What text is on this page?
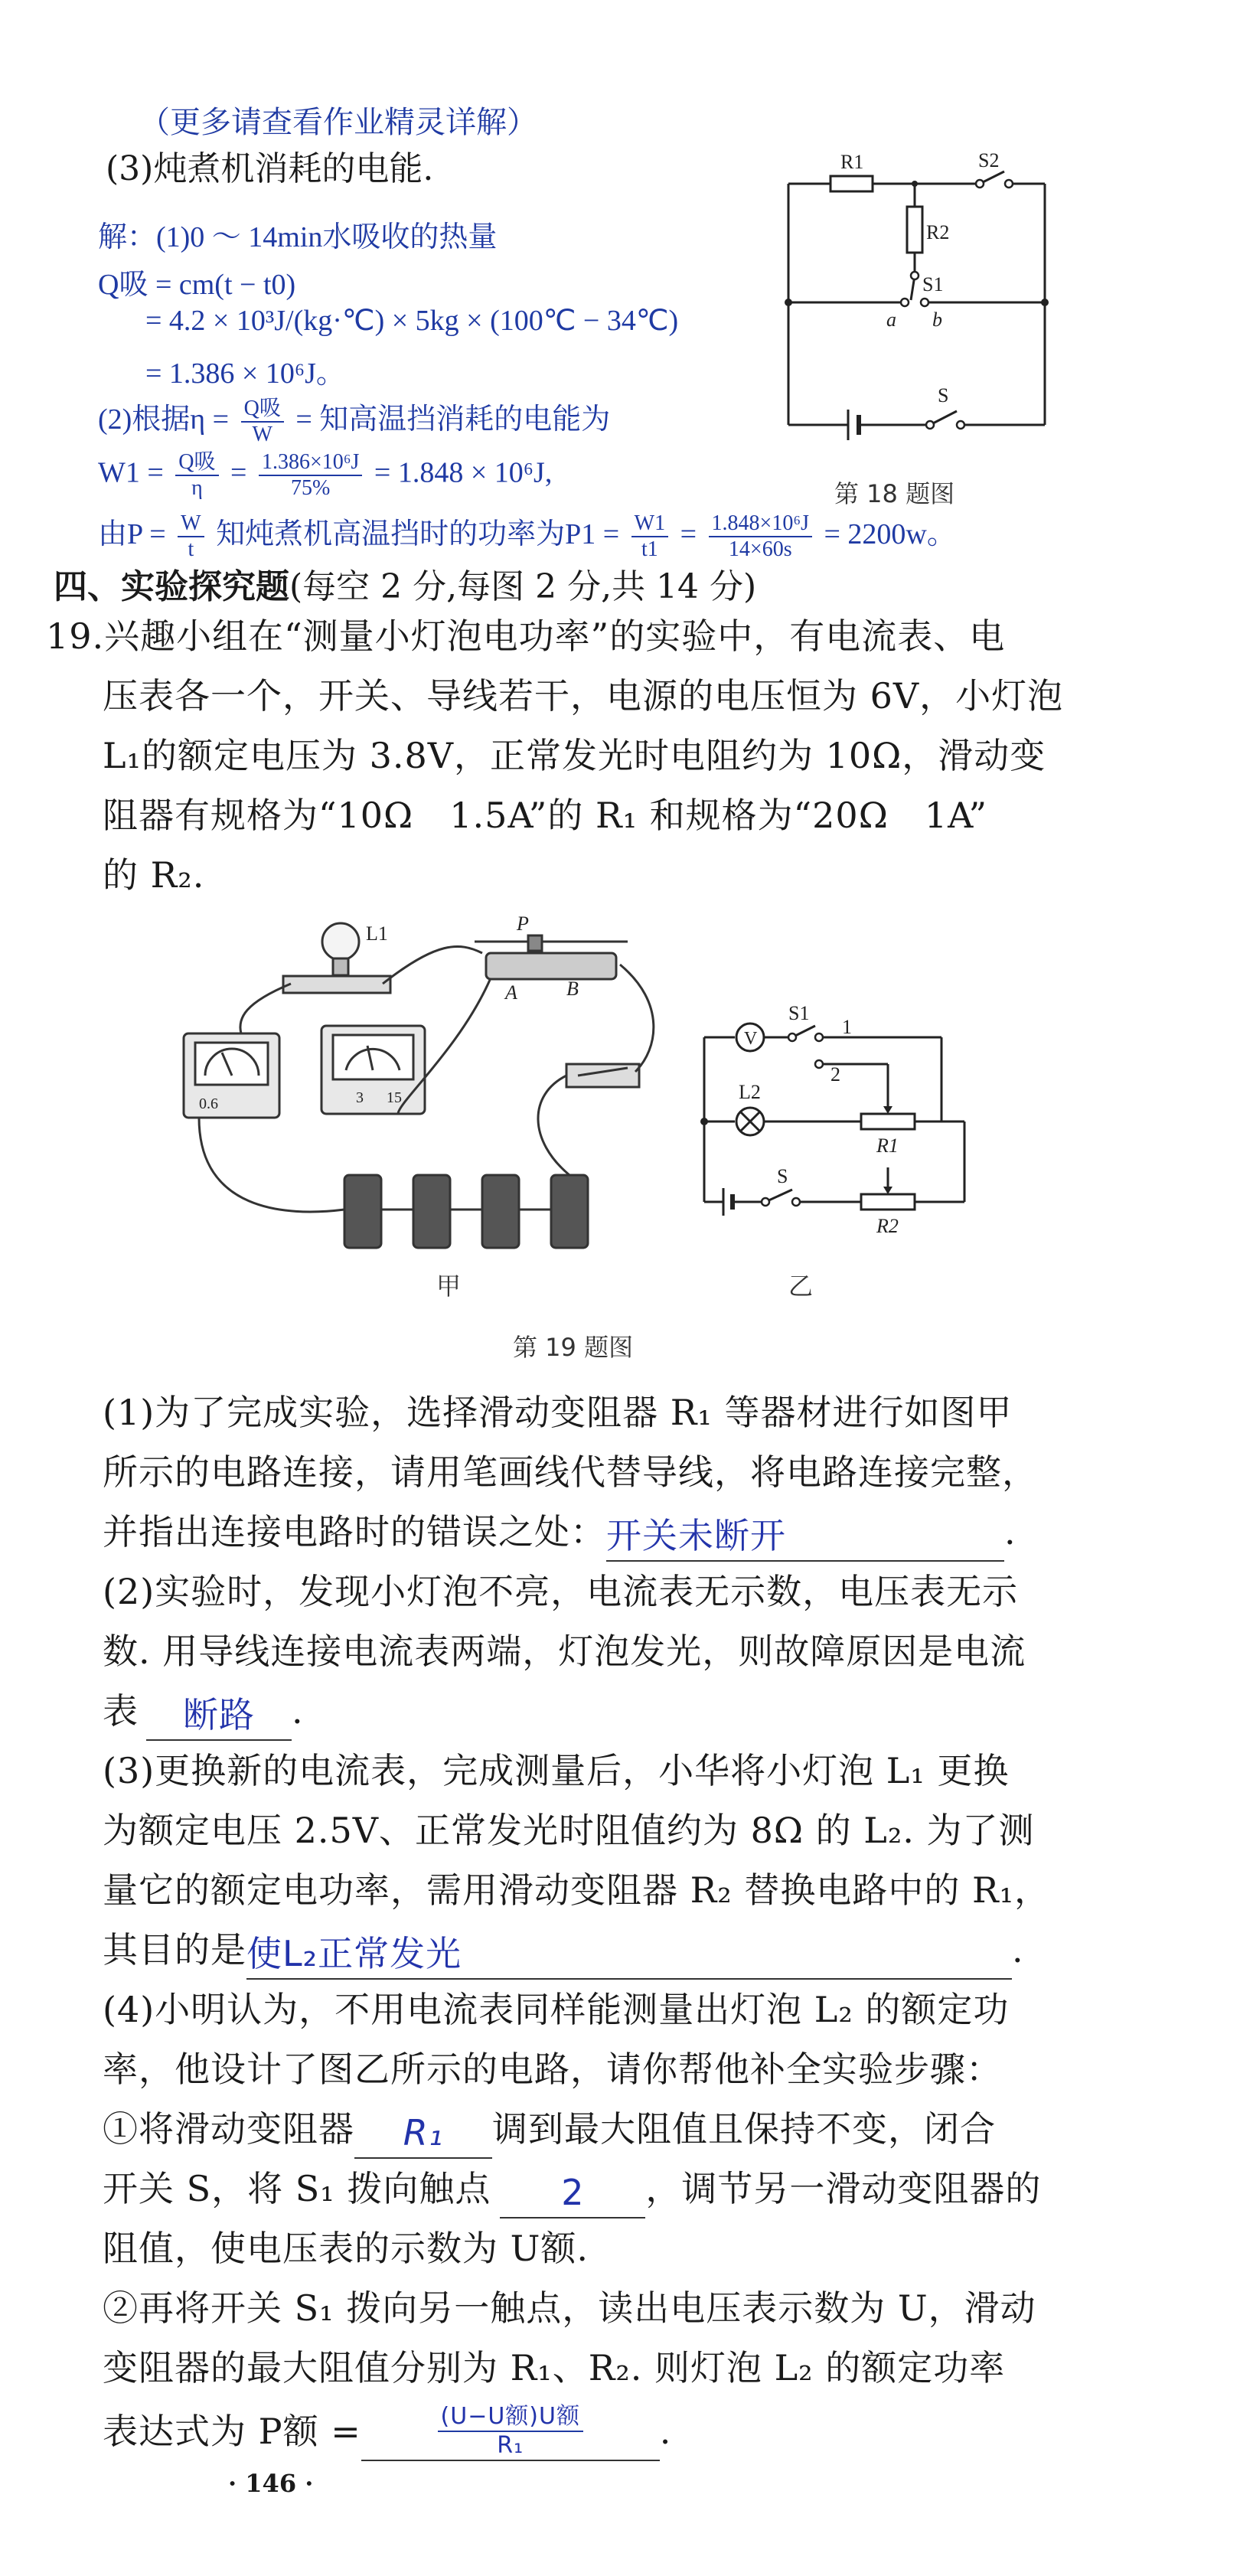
（更多请查看作业精灵详解）
(3)炖煮机消耗的电能.
解：(1)0 ～ 14min水吸收的热量
Q吸 = cm(t − t0)
= 4.2 × 10³J/(kg·℃) × 5kg × (100℃ − 34℃)
= 1.386 × 10⁶J。
(2)根据$\eta = \frac{\text{Q吸}}{W}$ = 知高温挡消耗的电能为
$W1 = \frac{\text{Q吸}}{\eta} = \frac{\text{1.386×10⁶J}}{75\%} = 1.848 \times 10^6J$,
由$P = \frac{W}{t}$ 知炖煮机高温挡时的功率为$P1 = \frac{W1}{t1} = \frac{\text{1.848×10⁶J}}{14\times 60s} = 2200w$。
R1
R2
S2
S1
a b
S
第 18 题图
四、实验探究题(每空 2 分,每图 2 分,共 14 分)
19.兴趣小组在“测量小灯泡电功率”的实验中，有电流表、电
压表各一个，开关、导线若干，电源的电压恒为 6V，小灯泡
L₁的额定电压为 3.8V，正常发光时电阻约为 10Ω，滑动变
阻器有规格为“10Ω　1.5A”的 R₁ 和规格为“20Ω　1A”
的 R₂.
L1	P
A B
0.6	3 15
甲
V
S1
1
2
L2
R1
S
R2
乙
第 19 题图
(1)为了完成实验，选择滑动变阻器 R₁ 等器材进行如图甲
所示的电路连接，请用笔画线代替导线，将电路连接完整，
并指出连接电路时的错误之处：开关未断开	.
(2)实验时，发现小灯泡不亮，电流表无示数，电压表无示
数. 用导线连接电流表两端，灯泡发光，则故障原因是电流
表 断路 .
(3)更换新的电流表，完成测量后，小华将小灯泡 L₁ 更换
为额定电压 2.5V、正常发光时阻值约为 8Ω 的 L₂. 为了测
量它的额定电功率，需用滑动变阻器 R₂ 替换电路中的 R₁，
其目的是使L₂正常发光	.
(4)小明认为，不用电流表同样能测量出灯泡 L₂ 的额定功
率，他设计了图乙所示的电路，请你帮他补全实验步骤：
①将滑动变阻器 R₁ 调到最大阻值且保持不变，闭合
开关 S，将 S₁ 拨向触点 2 ，调节另一滑动变阻器的
阻值，使电压表的示数为 U额.
②再将开关 S₁ 拨向另一触点，读出电压表示数为 U，滑动
变阻器的最大阻值分别为 R₁、R₂. 则灯泡 L₂ 的额定功率
表达式为 P额 =	$\frac{\text{(U−U额)U额}}{\text{R₁}}$ .
· 146 ·
